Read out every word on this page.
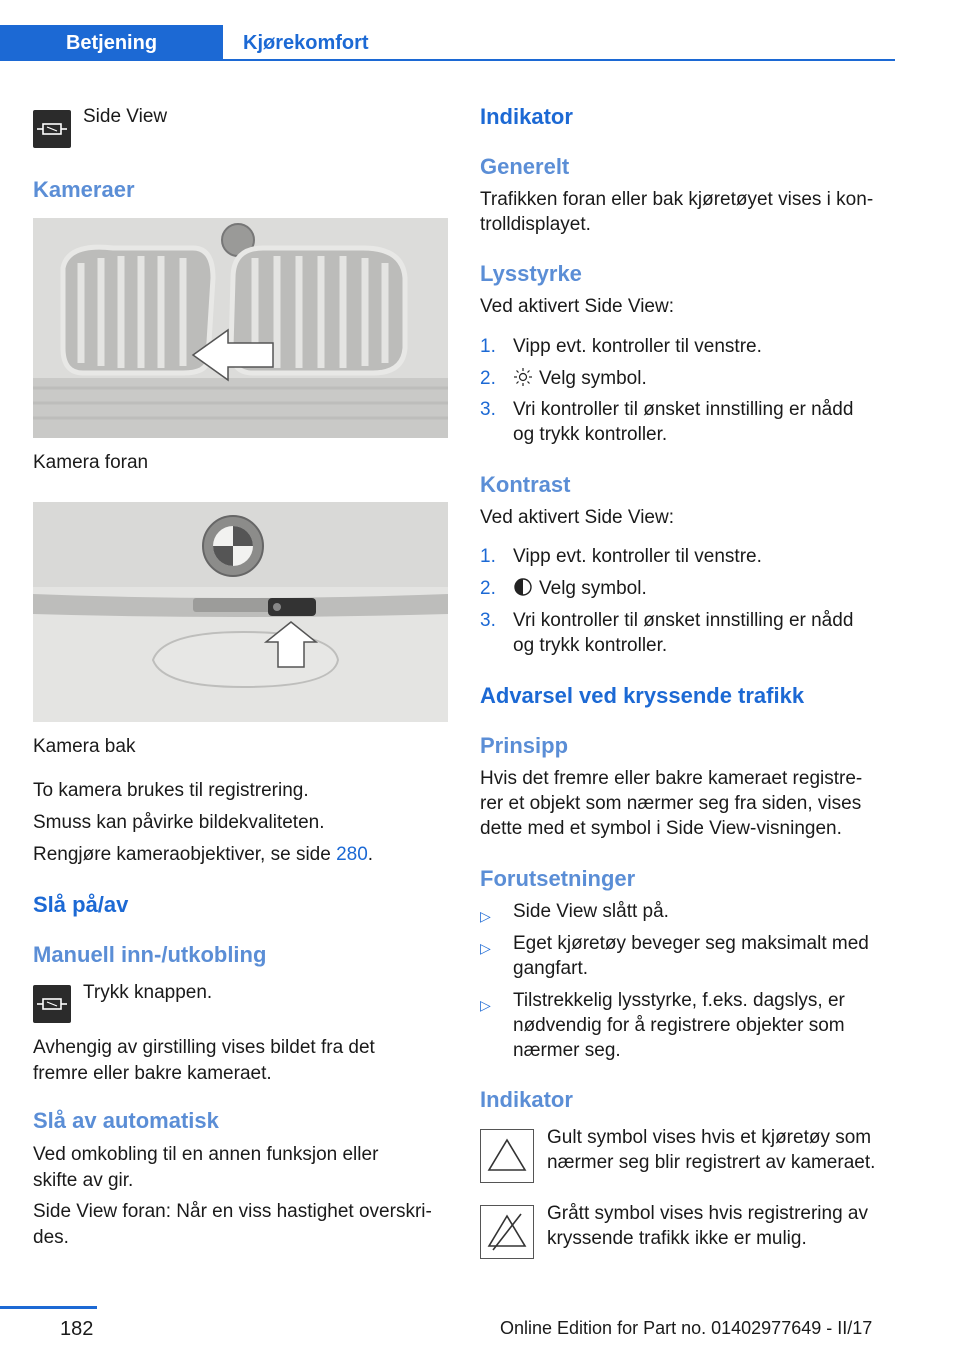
Betjening	Kjørekomfort
Side View
Kameraer
Kamera foran
Kamera bak
To kamera brukes til registrering.
Smuss kan påvirke bildekvaliteten.
Rengjøre kameraobjektiver, se side 280.
Slå på/av
Manuell inn-/utkobling
Trykk knappen.
Avhengig av girstilling vises bildet fra det
fremre eller bakre kameraet.
Slå av automatisk
Ved omkobling til en annen funksjon eller
skifte av gir.
Side View foran: Når en viss hastighet overskri-
des.
Indikator
Generelt
Trafikken foran eller bak kjøretøyet vises i kon-
trolldisplayet.
Lysstyrke
Ved aktivert Side View:
1. Vipp evt. kontroller til venstre.
2.	Velg symbol.
3. Vri kontroller til ønsket innstilling er nådd
og trykk kontroller.
Kontrast
Ved aktivert Side View:
1. Vipp evt. kontroller til venstre.
2.	Velg symbol.
3. Vri kontroller til ønsket innstilling er nådd
og trykk kontroller.
Advarsel ved kryssende trafikk
Prinsipp
Hvis det fremre eller bakre kameraet registre-
rer et objekt som nærmer seg fra siden, vises
dette med et symbol i Side View-visningen.
Forutsetninger
▷ Side View slått på.
▷ Eget kjøretøy beveger seg maksimalt med
gangfart.
▷ Tilstrekkelig lysstyrke, f.eks. dagslys, er
nødvendig for å registrere objekter som
nærmer seg.
Indikator
Gult symbol vises hvis et kjøretøy som
nærmer seg blir registrert av kameraet.
Grått symbol vises hvis registrering av
kryssende trafikk ikke er mulig.
182	Online Edition for Part no. 01402977649 - II/17
